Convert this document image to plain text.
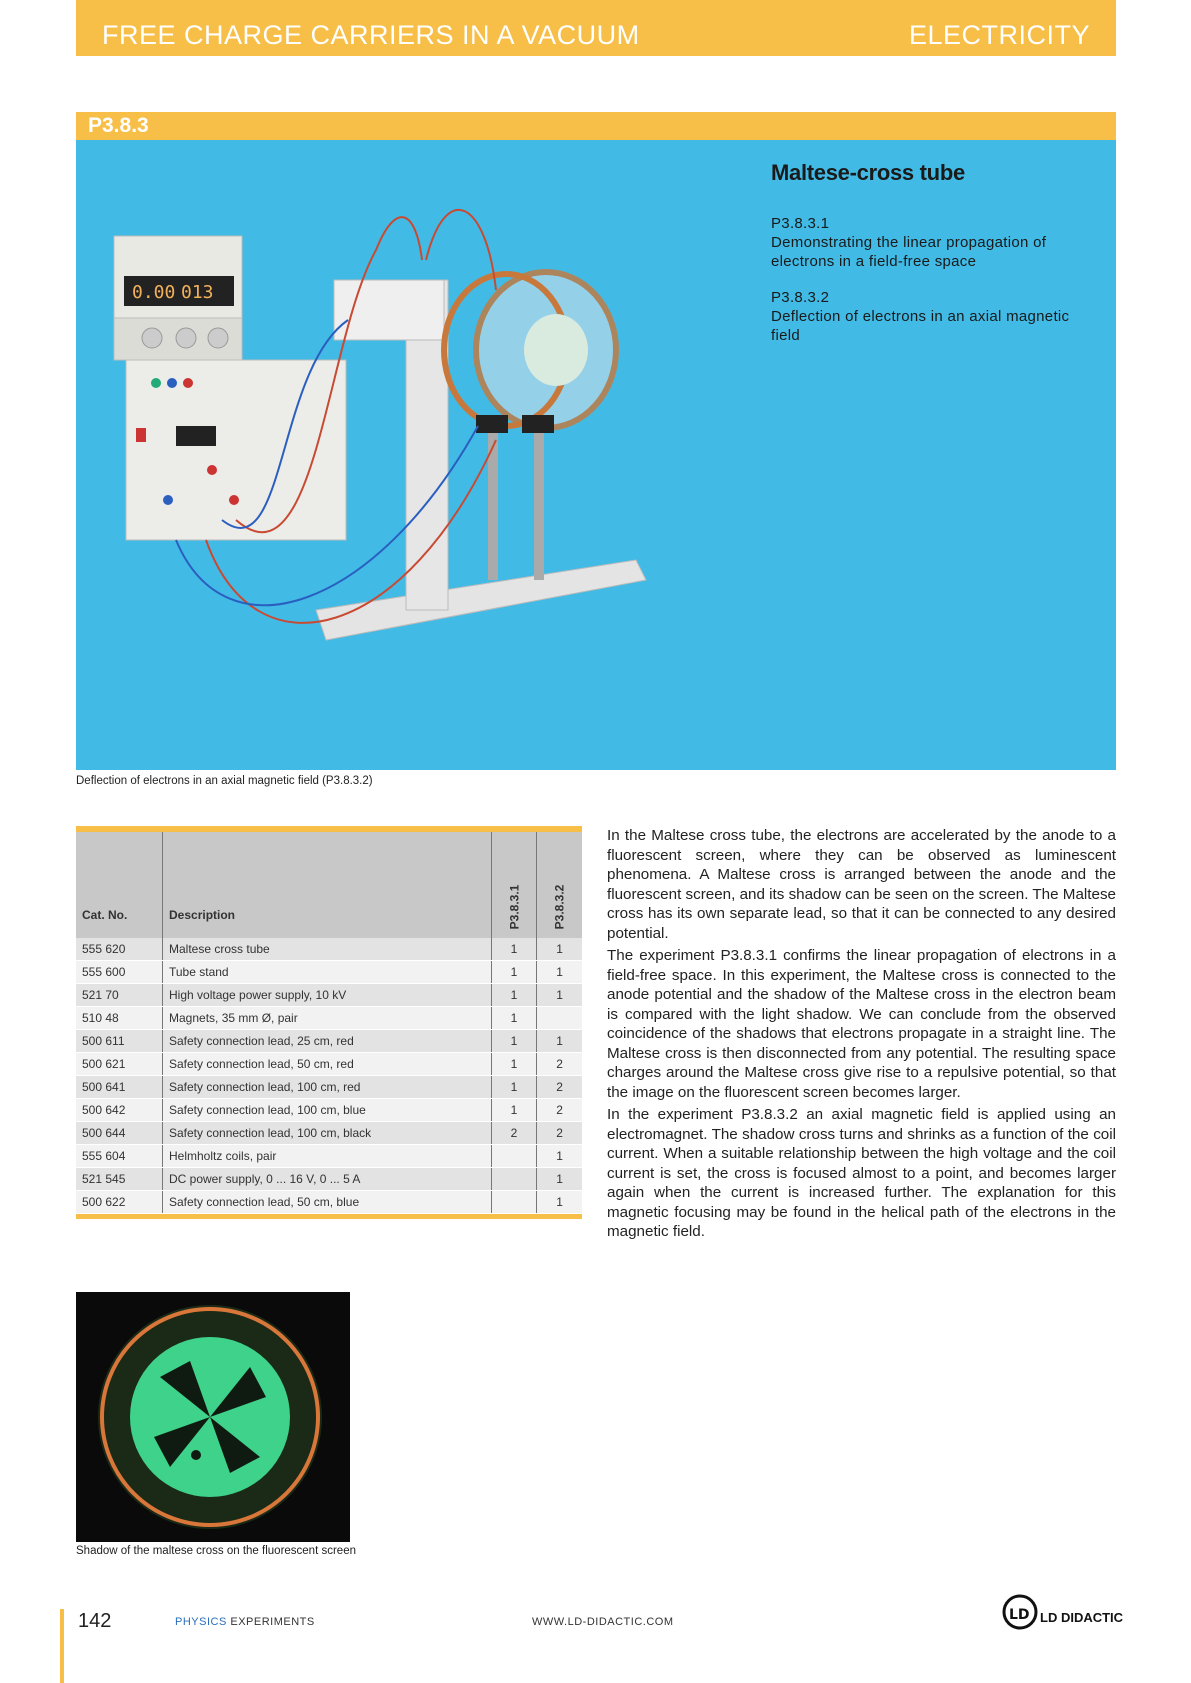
FREE CHARGE CARRIERS IN A VACUUM	ELECTRICITY
P3.8.3
0.00 013
Maltese-cross tube
P3.8.3.1
Demonstrating the linear propagation of electrons in a field-free space
P3.8.3.2
Deflection of electrons in an axial magnetic field
Deflection of electrons in an axial magnetic field (P3.8.3.2)
Cat. No.	Description	P3.8.3.1	P3.8.3.2
555 620	Maltese cross tube	1	1
555 600	Tube stand	1	1
521 70	High voltage power supply, 10 kV	1	1
510 48	Magnets, 35 mm Ø, pair	1	
500 611	Safety connection lead, 25 cm, red	1	1
500 621	Safety connection lead, 50 cm, red	1	2
500 641	Safety connection lead, 100 cm, red	1	2
500 642	Safety connection lead, 100 cm, blue	1	2
500 644	Safety connection lead, 100 cm, black	2	2
555 604	Helmholtz coils, pair		1
521 545	DC power supply, 0 ... 16 V, 0 ... 5 A		1
500 622	Safety connection lead, 50 cm, blue		1

In the Maltese cross tube, the electrons are accelerated by the anode to a fluorescent screen, where they can be observed as luminescent phenomena. A Maltese cross is arranged between the anode and the fluorescent screen, and its shadow can be seen on the screen. The Maltese cross has its own separate lead, so that it can be connected to any desired potential.

The experiment P3.8.3.1 confirms the linear propagation of electrons in a field-free space. In this experiment, the Maltese cross is connected to the anode potential and the shadow of the Maltese cross in the electron beam is compared with the light shadow. We can conclude from the observed coincidence of the shadows that electrons propagate in a straight line. The Maltese cross is then disconnected from any potential. The resulting space charges around the Maltese cross give rise to a repulsive potential, so that the image on the fluorescent screen becomes larger.

In the experiment P3.8.3.2 an axial magnetic field is applied using an electromagnet. The shadow cross turns and shrinks as a function of the coil current. When a suitable relationship between the high voltage and the coil current is set, the cross is focused almost to a point, and becomes larger again when the current is increased further. The explanation for this magnetic focusing may be found in the helical path of the electrons in the magnetic field.

Shadow of the maltese cross on the fluorescent screen
142	PHYSICS EXPERIMENTS	WWW.LD-DIDACTIC.COM	LD LD DIDACTIC
